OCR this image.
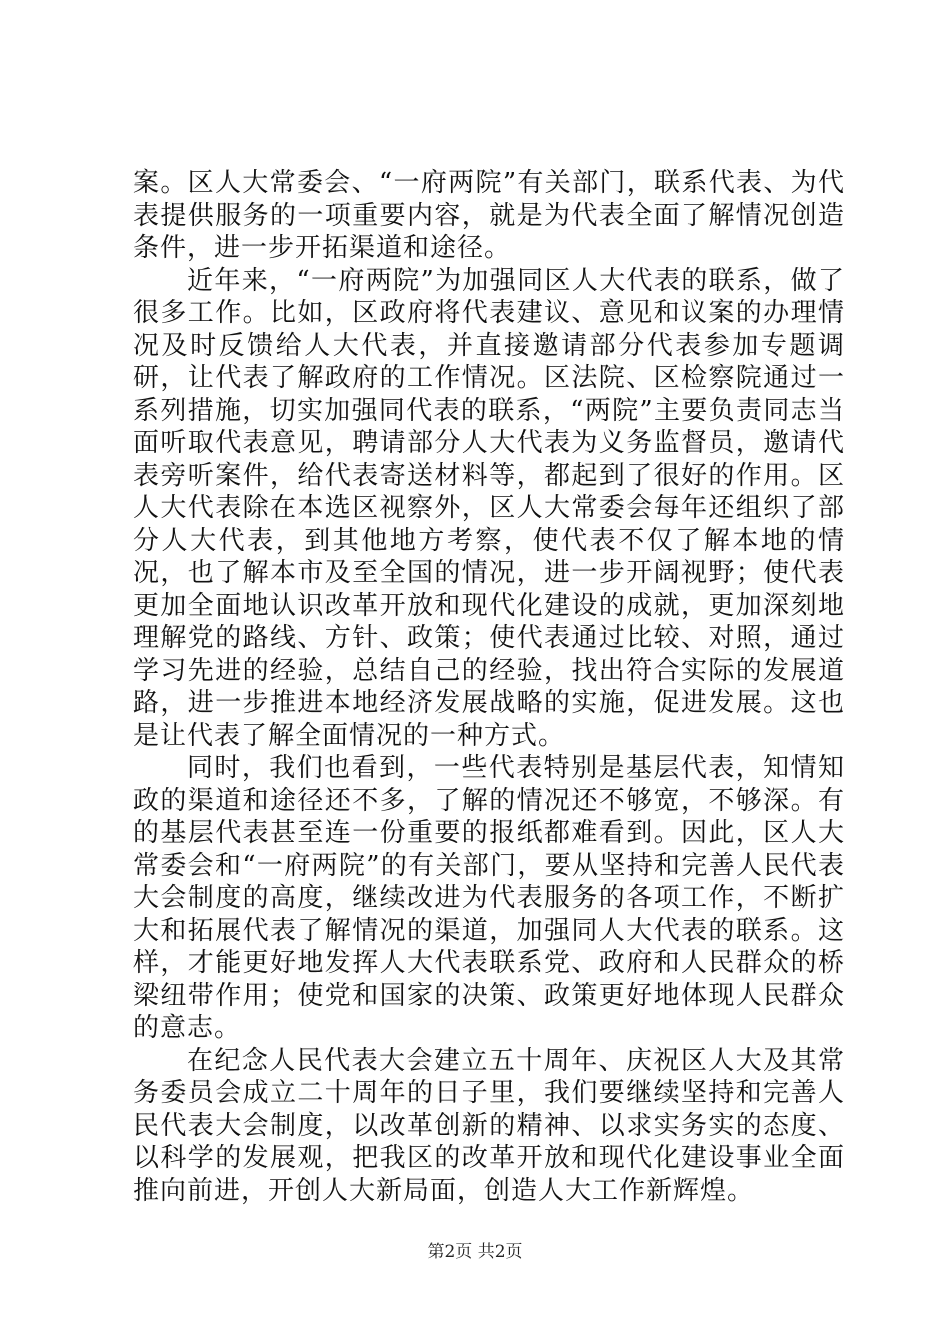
案。区人大常委会、“一府两院”有关部门，联系代表、为代表提供服务的一项重要内容，就是为代表全面了解情况创造条件，进一步开拓渠道和途径。

近年来，“一府两院”为加强同区人大代表的联系，做了很多工作。比如，区政府将代表建议、意见和议案的办理情况及时反馈给人大代表，并直接邀请部分代表参加专题调研，让代表了解政府的工作情况。区法院、区检察院通过一系列措施，切实加强同代表的联系，“两院”主要负责同志当面听取代表意见，聘请部分人大代表为义务监督员，邀请代表旁听案件，给代表寄送材料等，都起到了很好的作用。区人大代表除在本选区视察外，区人大常委会每年还组织了部分人大代表，到其他地方考察，使代表不仅了解本地的情况，也了解本市及至全国的情况，进一步开阔视野；使代表更加全面地认识改革开放和现代化建设的成就，更加深刻地理解党的路线、方针、政策；使代表通过比较、对照，通过学习先进的经验，总结自己的经验，找出符合实际的发展道路，进一步推进本地经济发展战略的实施，促进发展。这也是让代表了解全面情况的一种方式。

同时，我们也看到，一些代表特别是基层代表，知情知政的渠道和途径还不多，了解的情况还不够宽，不够深。有的基层代表甚至连一份重要的报纸都难看到。因此，区人大常委会和“一府两院”的有关部门，要从坚持和完善人民代表大会制度的高度，继续改进为代表服务的各项工作，不断扩大和拓展代表了解情况的渠道，加强同人大代表的联系。这样，才能更好地发挥人大代表联系党、政府和人民群众的桥梁纽带作用；使党和国家的决策、政策更好地体现人民群众的意志。

在纪念人民代表大会建立五十周年、庆祝区人大及其常务委员会成立二十周年的日子里，我们要继续坚持和完善人民代表大会制度，以改革创新的精神、以求实务实的态度、以科学的发展观，把我区的改革开放和现代化建设事业全面推向前进，开创人大新局面，创造人大工作新辉煌。

第2页 共2页
